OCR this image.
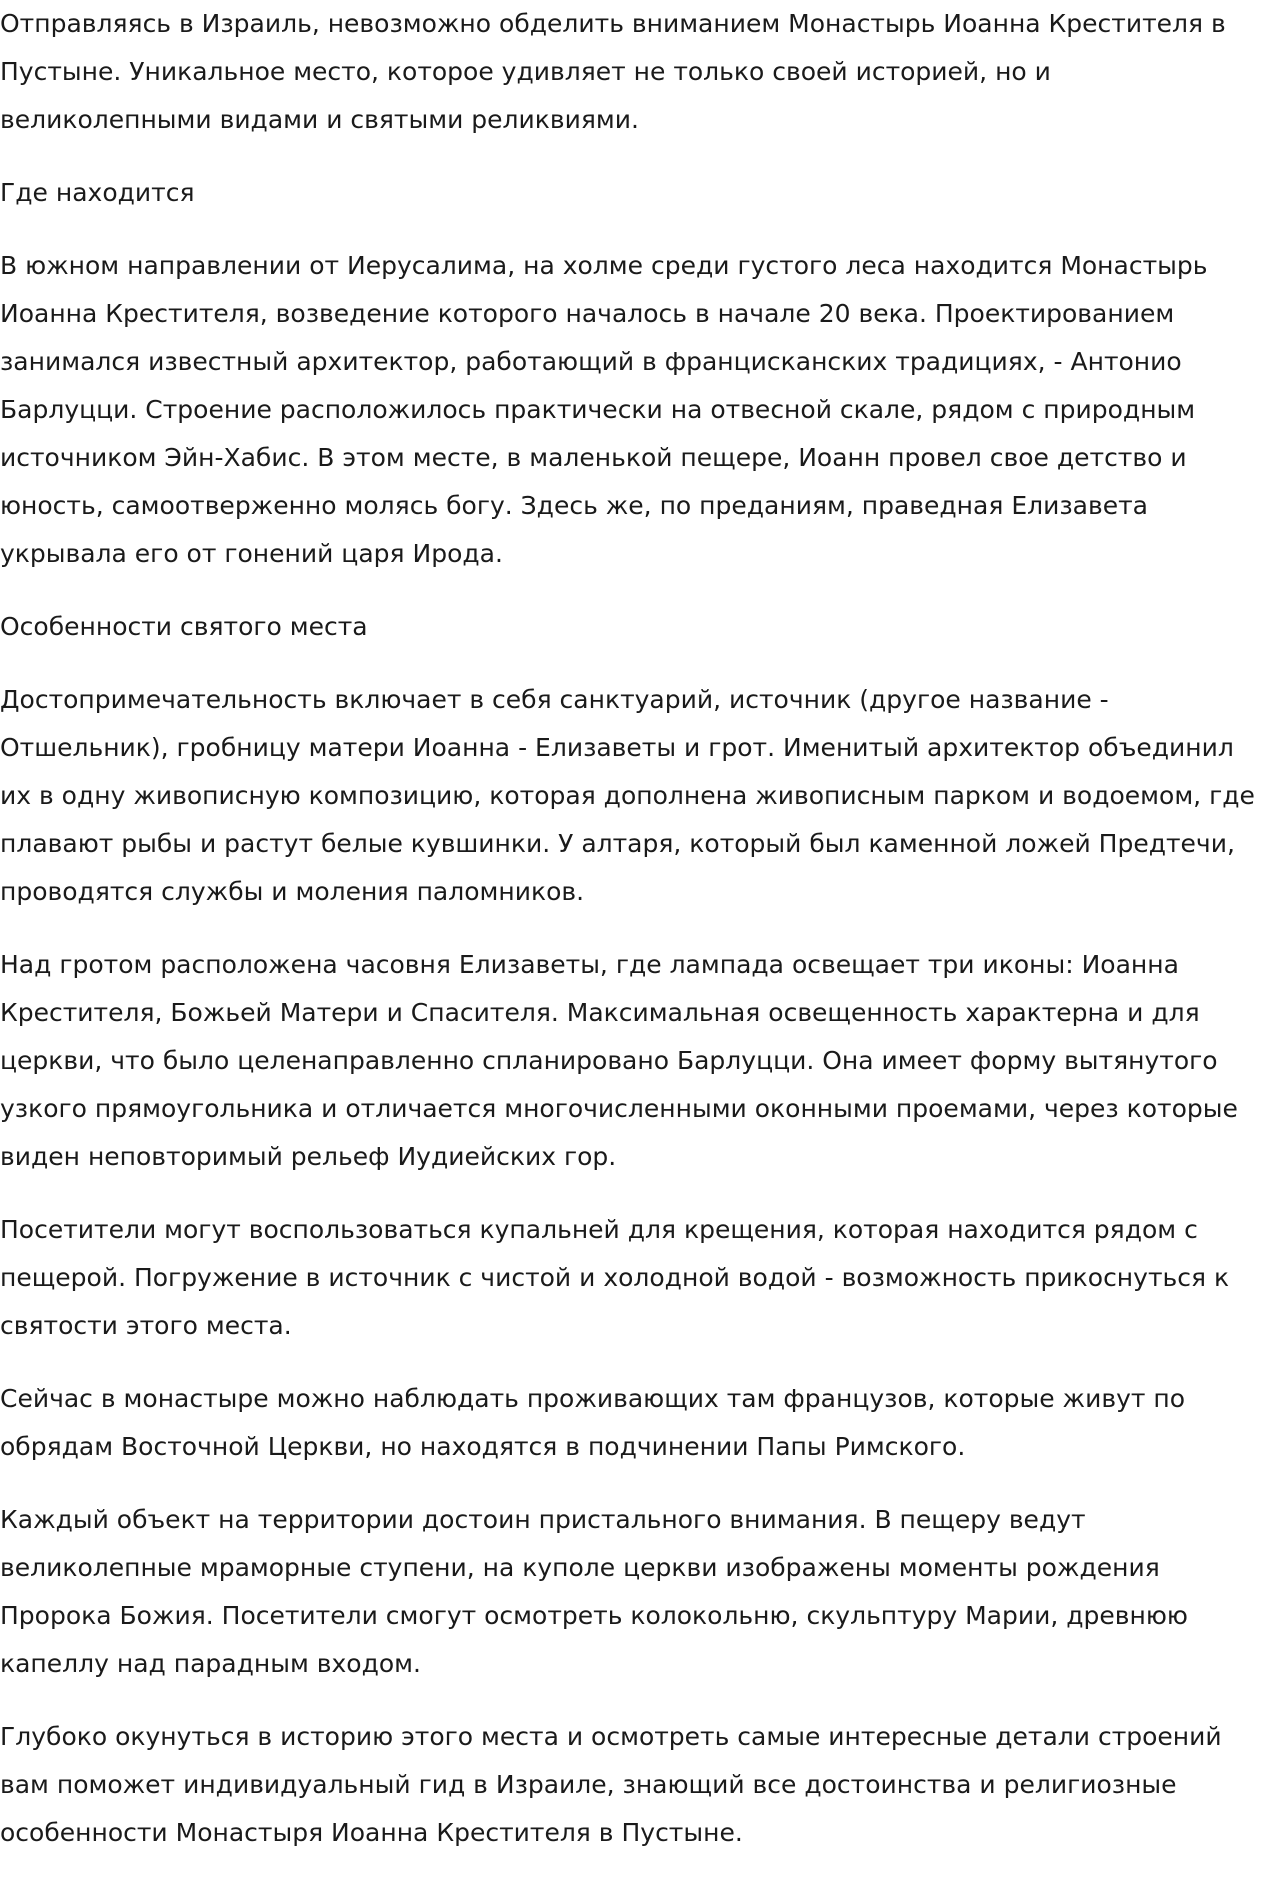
Отправляясь в Израиль, невозможно обделить вниманием Монастырь Иоанна Крестителя в Пустыне. Уникальное место, которое удивляет не только своей историей, но и великолепными видами и святыми реликвиями.

Где находится

В южном направлении от Иерусалима, на холме среди густого леса находится Монастырь Иоанна Крестителя, возведение которого началось в начале 20 века. Проектированием занимался известный архитектор, работающий в францисканских традициях, - Антонио Барлуцци. Строение расположилось практически на отвесной скале, рядом с природным источником Эйн-Хабис. В этом месте, в маленькой пещере, Иоанн провел свое детство и юность, самоотверженно молясь богу. Здесь же, по преданиям, праведная Елизавета укрывала его от гонений царя Ирода.

Особенности святого места

Достопримечательность включает в себя санктуарий, источник (другое название - Отшельник), гробницу матери Иоанна - Елизаветы и грот. Именитый архитектор объединил их в одну живописную композицию, которая дополнена живописным парком и водоемом, где плавают рыбы и растут белые кувшинки. У алтаря, который был каменной ложей Предтечи, проводятся службы и моления паломников.

Над гротом расположена часовня Елизаветы, где лампада освещает три иконы: Иоанна Крестителя, Божьей Матери и Спасителя. Максимальная освещенность характерна и для церкви, что было целенаправленно спланировано Барлуцци. Она имеет форму вытянутого узкого прямоугольника и отличается многочисленными оконными проемами, через которые виден неповторимый рельеф Иудиейских гор.

Посетители могут воспользоваться купальней для крещения, которая находится рядом с пещерой. Погружение в источник с чистой и холодной водой - возможность прикоснуться к святости этого места.

Сейчас в монастыре можно наблюдать проживающих там французов, которые живут по обрядам Восточной Церкви, но находятся в подчинении Папы Римского.

Каждый объект на территории достоин пристального внимания. В пещеру ведут великолепные мраморные ступени, на куполе церкви изображены моменты рождения Пророка Божия. Посетители смогут осмотреть колокольню, скульптуру Марии, древнюю капеллу над парадным входом.

Глубоко окунуться в историю этого места и осмотреть самые интересные детали строений вам поможет индивидуальный гид в Израиле, знающий все достоинства и религиозные особенности Монастыря Иоанна Крестителя в Пустыне.
